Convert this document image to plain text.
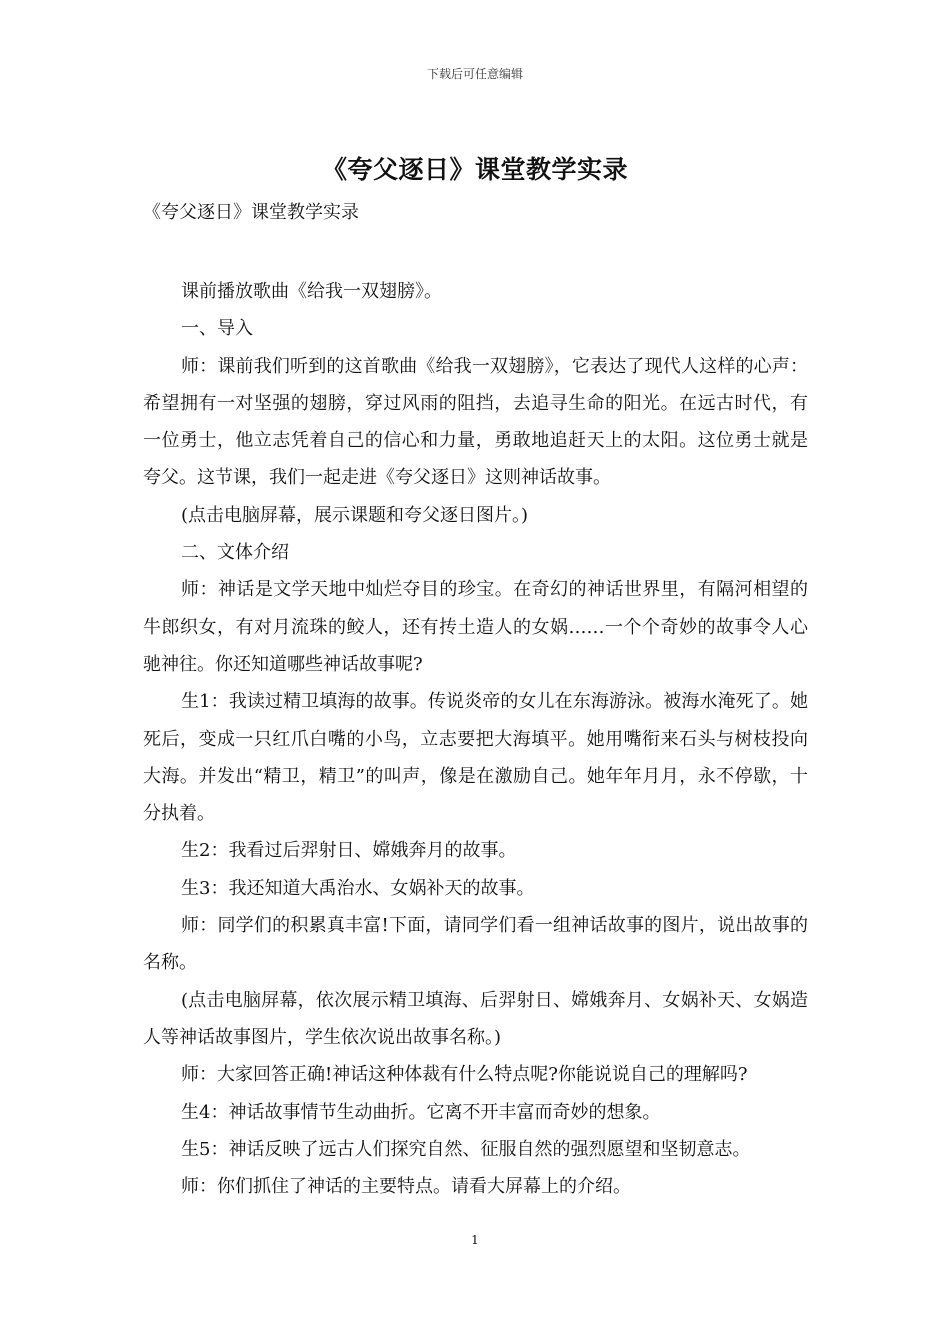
下载后可任意编辑
《夸父逐日》课堂教学实录
《夸父逐日》课堂教学实录

课前播放歌曲《给我一双翅膀》。

一、导入

师：课前我们听到的这首歌曲《给我一双翅膀》，它表达了现代人这样的心声：希望拥有一对坚强的翅膀，穿过风雨的阻挡，去追寻生命的阳光。在远古时代，有一位勇士，他立志凭着自己的信心和力量，勇敢地追赶天上的太阳。这位勇士就是夸父。这节课，我们一起走进《夸父逐日》这则神话故事。

(点击电脑屏幕，展示课题和夸父逐日图片。)

二、文体介绍

师：神话是文学天地中灿烂夺目的珍宝。在奇幻的神话世界里，有隔河相望的牛郎织女，有对月流珠的鲛人，还有抟土造人的女娲……一个个奇妙的故事令人心驰神往。你还知道哪些神话故事呢?

生1：我读过精卫填海的故事。传说炎帝的女儿在东海游泳。被海水淹死了。她死后，变成一只红爪白嘴的小鸟，立志要把大海填平。她用嘴衔来石头与树枝投向大海。并发出“精卫，精卫”的叫声，像是在激励自己。她年年月月，永不停歇，十分执着。

生2：我看过后羿射日、嫦娥奔月的故事。

生3：我还知道大禹治水、女娲补天的故事。

师：同学们的积累真丰富!下面，请同学们看一组神话故事的图片，说出故事的名称。

(点击电脑屏幕，依次展示精卫填海、后羿射日、嫦娥奔月、女娲补天、女娲造人等神话故事图片，学生依次说出故事名称。)

师：大家回答正确!神话这种体裁有什么特点呢?你能说说自己的理解吗?

生4：神话故事情节生动曲折。它离不开丰富而奇妙的想象。

生5：神话反映了远古人们探究自然、征服自然的强烈愿望和坚韧意志。

师：你们抓住了神话的主要特点。请看大屏幕上的介绍。

1
